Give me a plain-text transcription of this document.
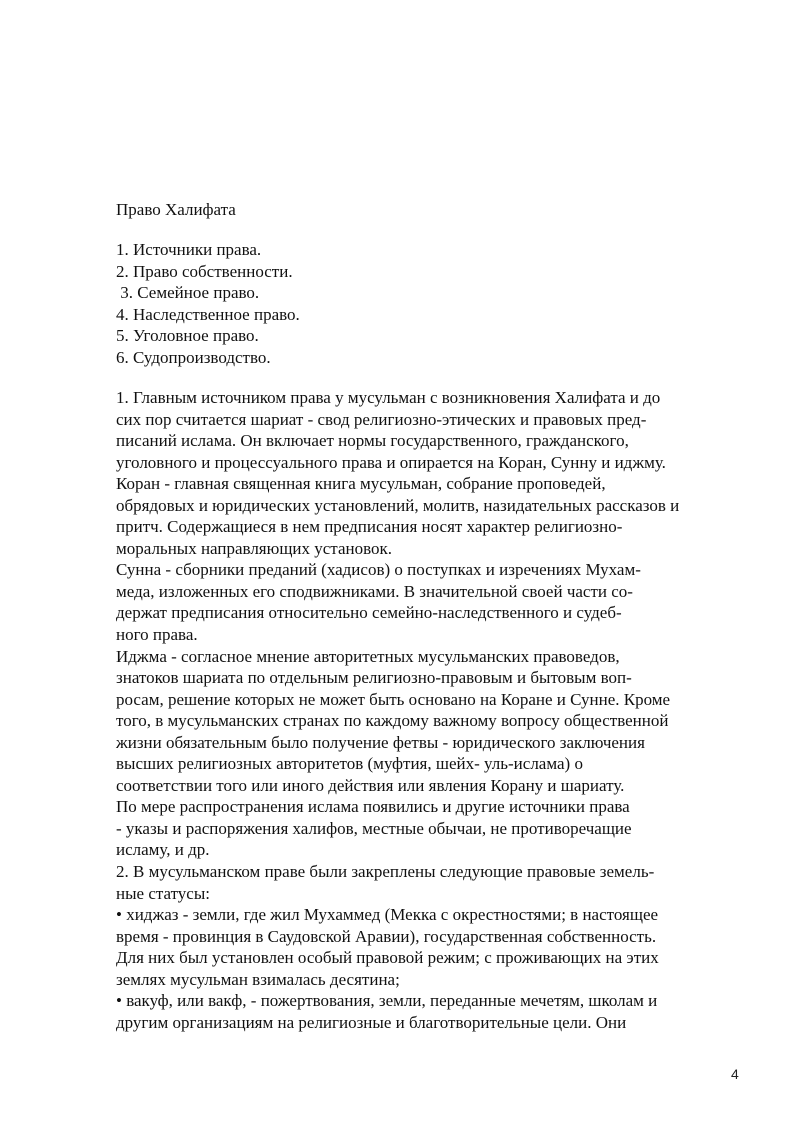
Право Халифата
1. Источники права.
2. Право собственности.
3. Семейное право.
4. Наследственное право.
5. Уголовное право.
6. Судопроизводство.
1. Главным источником права у мусульман с возникновения Халифата и до
сих пор считается шариат - свод религиозно-этических и правовых пред-
писаний ислама. Он включает нормы государственного, гражданского,
уголовного и процессуального права и опирается на Коран, Сунну и иджму.
Коран - главная священная книга мусульман, собрание проповедей,
обрядовых и юридических установлений, молитв, назидательных рассказов и
притч. Содержащиеся в нем предписания носят характер религиозно-
моральных направляющих установок.
Сунна - сборники преданий (хадисов) о поступках и изречениях Мухам-
меда, изложенных его сподвижниками. В значительной своей части со-
держат предписания относительно семейно-наследственного и судеб-
ного права.
Иджма - согласное мнение авторитетных мусульманских правоведов,
знатоков шариата по отдельным религиозно-правовым и бытовым воп-
росам, решение которых не может быть основано на Коране и Сунне. Кроме
того, в мусульманских странах по каждому важному вопросу общественной
жизни обязательным было получение фетвы - юридического заключения
высших религиозных авторитетов (муфтия, шейх- уль-ислама) о
соответствии того или иного действия или явления Корану и шариату.
По мере распространения ислама появились и другие источники права
- указы и распоряжения халифов, местные обычаи, не противоречащие
исламу, и др.
2. В мусульманском праве были закреплены следующие правовые земель-
ные статусы:
• хиджаз - земли, где жил Мухаммед (Мекка с окрестностями; в настоящее
время - провинция в Саудовской Аравии), государственная собственность.
Для них был установлен особый правовой режим; с проживающих на этих
землях мусульман взималась десятина;
• вакуф, или вакф, - пожертвования, земли, переданные мечетям, школам и
другим организациям на религиозные и благотворительные цели. Они
4
